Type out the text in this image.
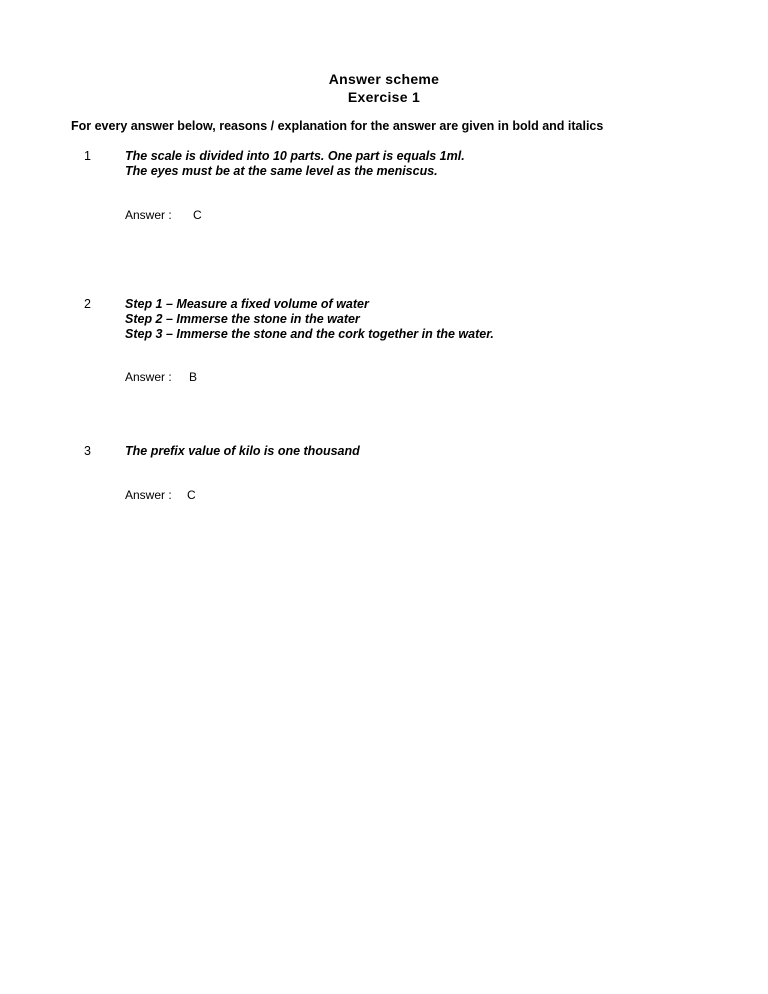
Answer scheme
Exercise 1
For every answer below, reasons / explanation for the answer are given in bold and italics
1	The scale is divided into 10 parts. One part is equals 1ml.
The eyes must be at the same level as the meniscus.
Answer : C
2	Step 1 – Measure a fixed volume of water
Step 2 – Immerse the stone in the water
Step 3 – Immerse the stone and the cork together in the water.
Answer : B
3	The prefix value of kilo is one thousand
Answer : C
